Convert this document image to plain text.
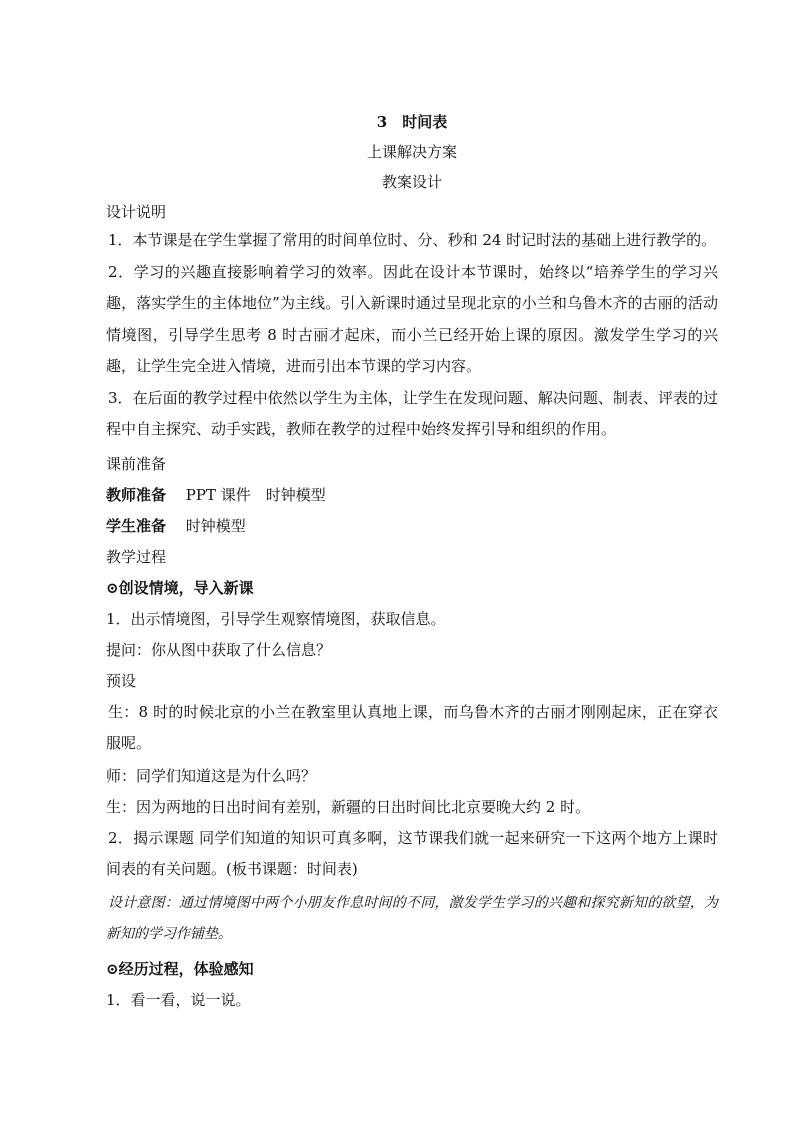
3　时间表

上课解决方案

教案设计

设计说明

1．本节课是在学生掌握了常用的时间单位时、分、秒和 24 时记时法的基础上进行教学的。

2．学习的兴趣直接影响着学习的效率。因此在设计本节课时，始终以“培养学生的学习兴趣，落实学生的主体地位”为主线。引入新课时通过呈现北京的小兰和乌鲁木齐的古丽的活动情境图，引导学生思考 8 时古丽才起床，而小兰已经开始上课的原因。激发学生学习的兴趣，让学生完全进入情境，进而引出本节课的学习内容。

3．在后面的教学过程中依然以学生为主体，让学生在发现问题、解决问题、制表、评表的过程中自主探究、动手实践，教师在教学的过程中始终发挥引导和组织的作用。

课前准备

教师准备　 PPT 课件　时钟模型

学生准备　 时钟模型

教学过程

⊙创设情境，导入新课

1．出示情境图，引导学生观察情境图，获取信息。

提问：你从图中获取了什么信息？

预设

生：8 时的时候北京的小兰在教室里认真地上课，而乌鲁木齐的古丽才刚刚起床，正在穿衣服呢。

师：同学们知道这是为什么吗？

生：因为两地的日出时间有差别，新疆的日出时间比北京要晚大约 2 时。

2．揭示课题 同学们知道的知识可真多啊，这节课我们就一起来研究一下这两个地方上课时间表的有关问题。(板书课题：时间表)

设计意图：通过情境图中两个小朋友作息时间的不同，激发学生学习的兴趣和探究新知的欲望，为新知的学习作铺垫。

⊙经历过程，体验感知

1．看一看，说一说。
